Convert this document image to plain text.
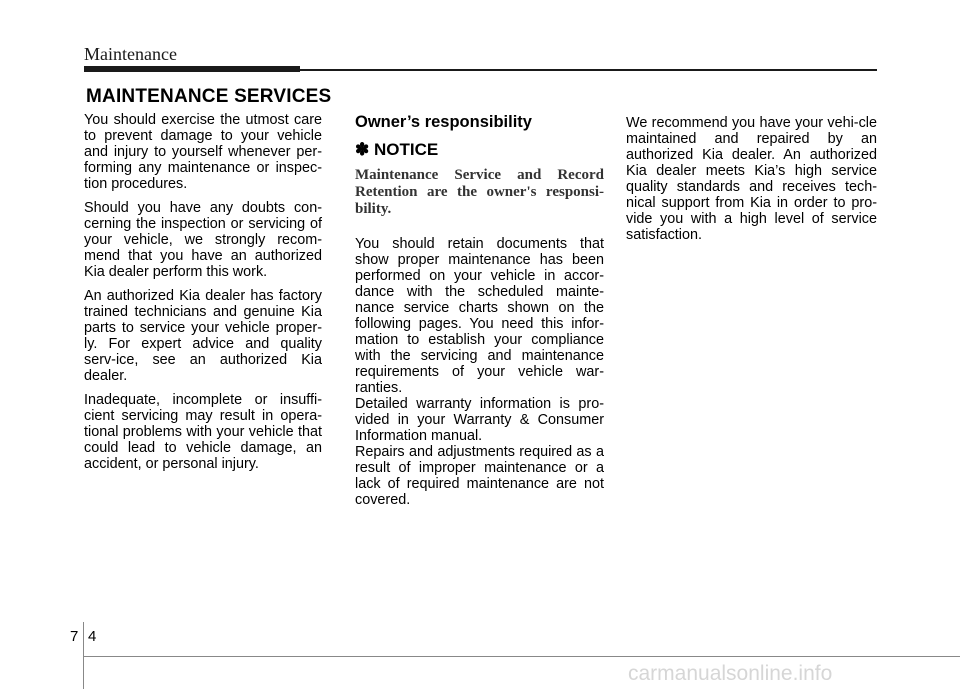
Maintenance
MAINTENANCE SERVICES

You should exercise the utmost care to prevent damage to your vehicle and injury to yourself whenever per-forming any maintenance or inspec-tion procedures.

Should you have any doubts con-cerning the inspection or servicing of your vehicle, we strongly recom-mend that you have an authorized Kia dealer perform this work.

An authorized Kia dealer has factory trained technicians and genuine Kia parts to service your vehicle proper-ly. For expert advice and quality serv-ice, see an authorized Kia dealer.

Inadequate, incomplete or insuffi-cient servicing may result in opera-tional problems with your vehicle that could lead to vehicle damage, an accident, or personal injury.

Owner’s responsibility
✽ NOTICE
Maintenance Service and Record Retention are the owner's responsi-bility.

You should retain documents that show proper maintenance has been performed on your vehicle in accor-dance with the scheduled mainte-nance service charts shown on the following pages. You need this infor-mation to establish your compliance with the servicing and maintenance requirements of your vehicle war-ranties.

Detailed warranty information is pro-vided in your Warranty & Consumer Information manual.

Repairs and adjustments required as a result of improper maintenance or a lack of required maintenance are not covered.

We recommend you have your vehi-cle maintained and repaired by an authorized Kia dealer. An authorized Kia dealer meets Kia’s high service quality standards and receives tech-nical support from Kia in order to pro-vide you with a high level of service satisfaction.

7 4
carmanualsonline.info
